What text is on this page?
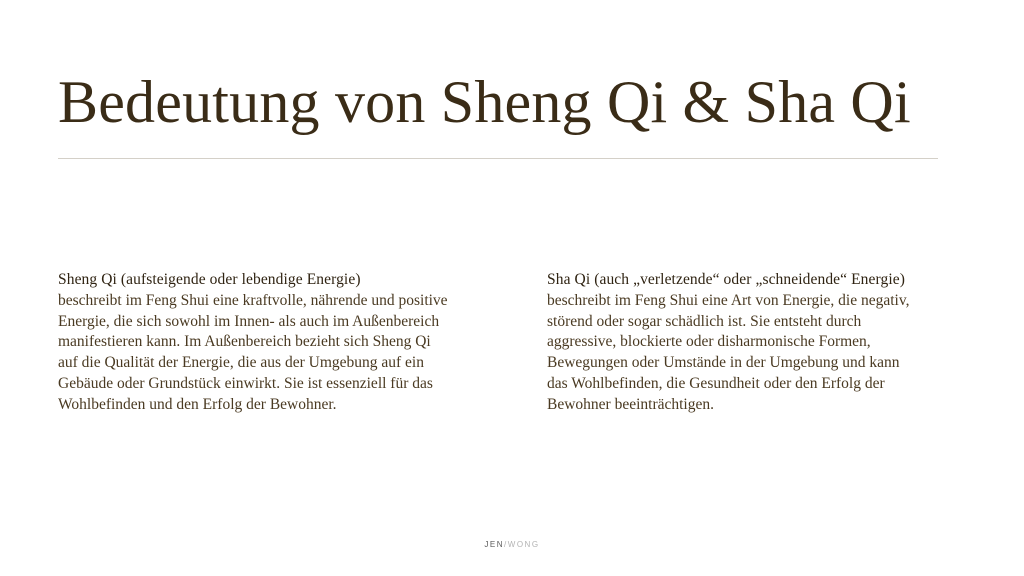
Bedeutung von Sheng Qi & Sha Qi
Sheng Qi (aufsteigende oder lebendige Energie)
beschreibt im Feng Shui eine kraftvolle, nährende und positive
Energie, die sich sowohl im Innen- als auch im Außenbereich
manifestieren kann. Im Außenbereich bezieht sich Sheng Qi
auf die Qualität der Energie, die aus der Umgebung auf ein
Gebäude oder Grundstück einwirkt. Sie ist essenziell für das
Wohlbefinden und den Erfolg der Bewohner.
Sha Qi (auch „verletzende“ oder „schneidende“ Energie)
beschreibt im Feng Shui eine Art von Energie, die negativ,
störend oder sogar schädlich ist. Sie entsteht durch
aggressive, blockierte oder disharmonische Formen,
Bewegungen oder Umstände in der Umgebung und kann
das Wohlbefinden, die Gesundheit oder den Erfolg der
Bewohner beeinträchtigen.
JEN/WONG
